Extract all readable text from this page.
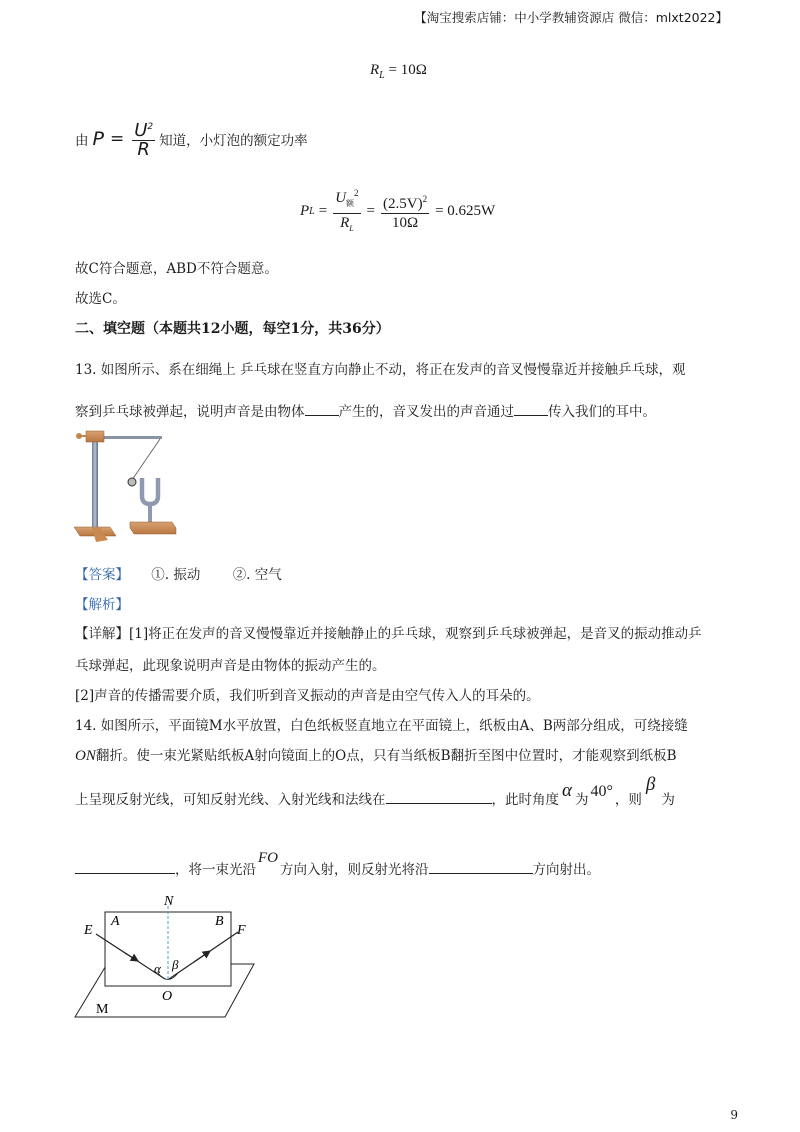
【淘宝搜索店铺：中小学教辅资源店 微信：mlxt2022】
$R_L = 10\Omega$
由 $P = \frac{U^2}{R}$ 知道，小灯泡的额定功率
P $L = \frac{U_额^2}{R_L} = \frac{(2.5V)^2}{10\Omega} = 0.625W$
故C符合题意，ABD不符合题意。
故选C。
二、填空题（本题共12小题，每空1分，共36分）
13. 如图所示、系在细绳上 乒乓球在竖直方向静止不动，将正在发声的音叉慢慢靠近并接触乒乓球，观
察到乒乓球被弹起，说明声音是由物体	产生的，音叉发出的声音通过	传入我们的耳中。
【答案】 ①. 振动 ②. 空气
【解析】
【详解】[1]将正在发声的音叉慢慢靠近并接触静止的乒乓球，观察到乒乓球被弹起，是音叉的振动推动乒
乓球弹起，此现象说明声音是由物体的振动产生的。
[2]声音的传播需要介质，我们听到音叉振动的声音是由空气传入人的耳朵的。
14. 如图所示，平面镜M水平放置，白色纸板竖直地立在平面镜上，纸板由A、B两部分组成，可绕接缝
ON翻折。使一束光紧贴纸板A射向镜面上的O点，只有当纸板B翻折至图中位置时，才能观察到纸板B
上呈现反射光线，可知反射光线、入射光线和法线在	，此时角度 α 为 40° ，则β为
，将一束光沿FO方向入射，则反射光将沿	方向射出。
N
E
A	B
F
α β
O
M
9
